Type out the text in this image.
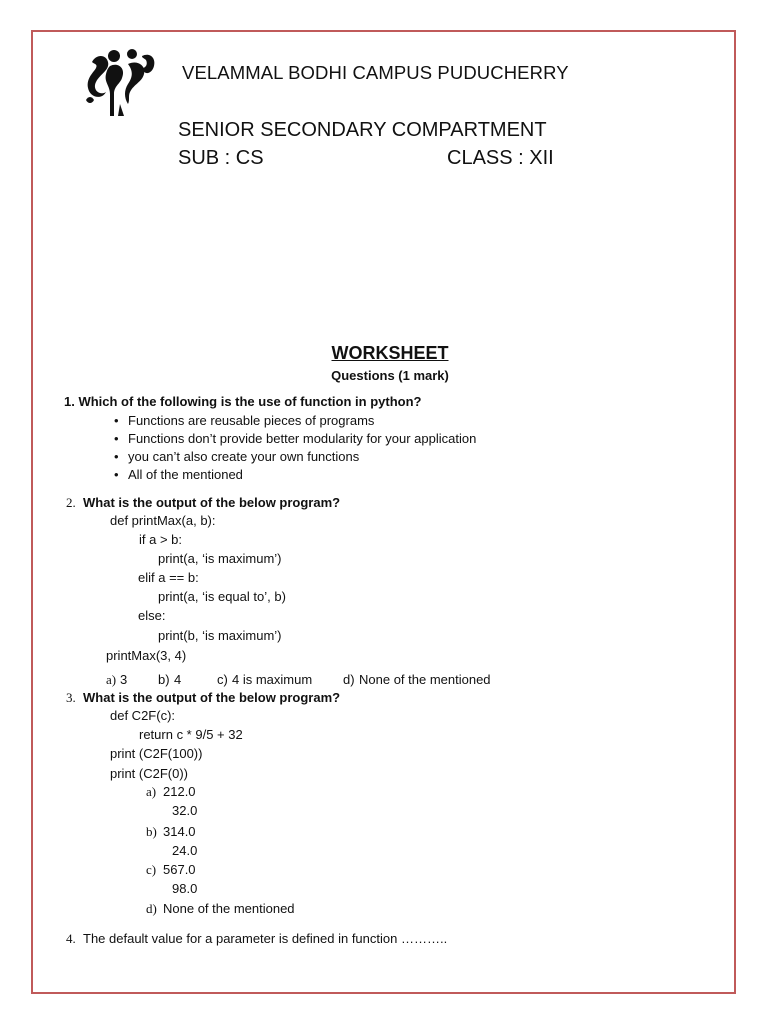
VELAMMAL BODHI CAMPUS PUDUCHERRY
SENIOR SECONDARY COMPARTMENT
SUB : CS	CLASS : XII
WORKSHEET
Questions (1 mark)
1. Which of the following is the use of function in python?
• Functions are reusable pieces of programs
• Functions don’t provide better modularity for your application
• you can’t also create your own functions
• All of the mentioned
2. What is the output of the below program?
def printMax(a, b):
if a > b:
print(a, ‘is maximum’)
elif a == b:
print(a, ‘is equal to’, b)
else:
print(b, ‘is maximum’)
printMax(3, 4)
a) 3 b) 4	c) 4 is maximum d) None of the mentioned
3. What is the output of the below program?
def C2F(c):
return c * 9/5 + 32
print (C2F(100))
print (C2F(0))
a) 212.0
32.0
b) 314.0
24.0
c) 567.0
98.0
d) None of the mentioned
4. The default value for a parameter is defined in function ………..
